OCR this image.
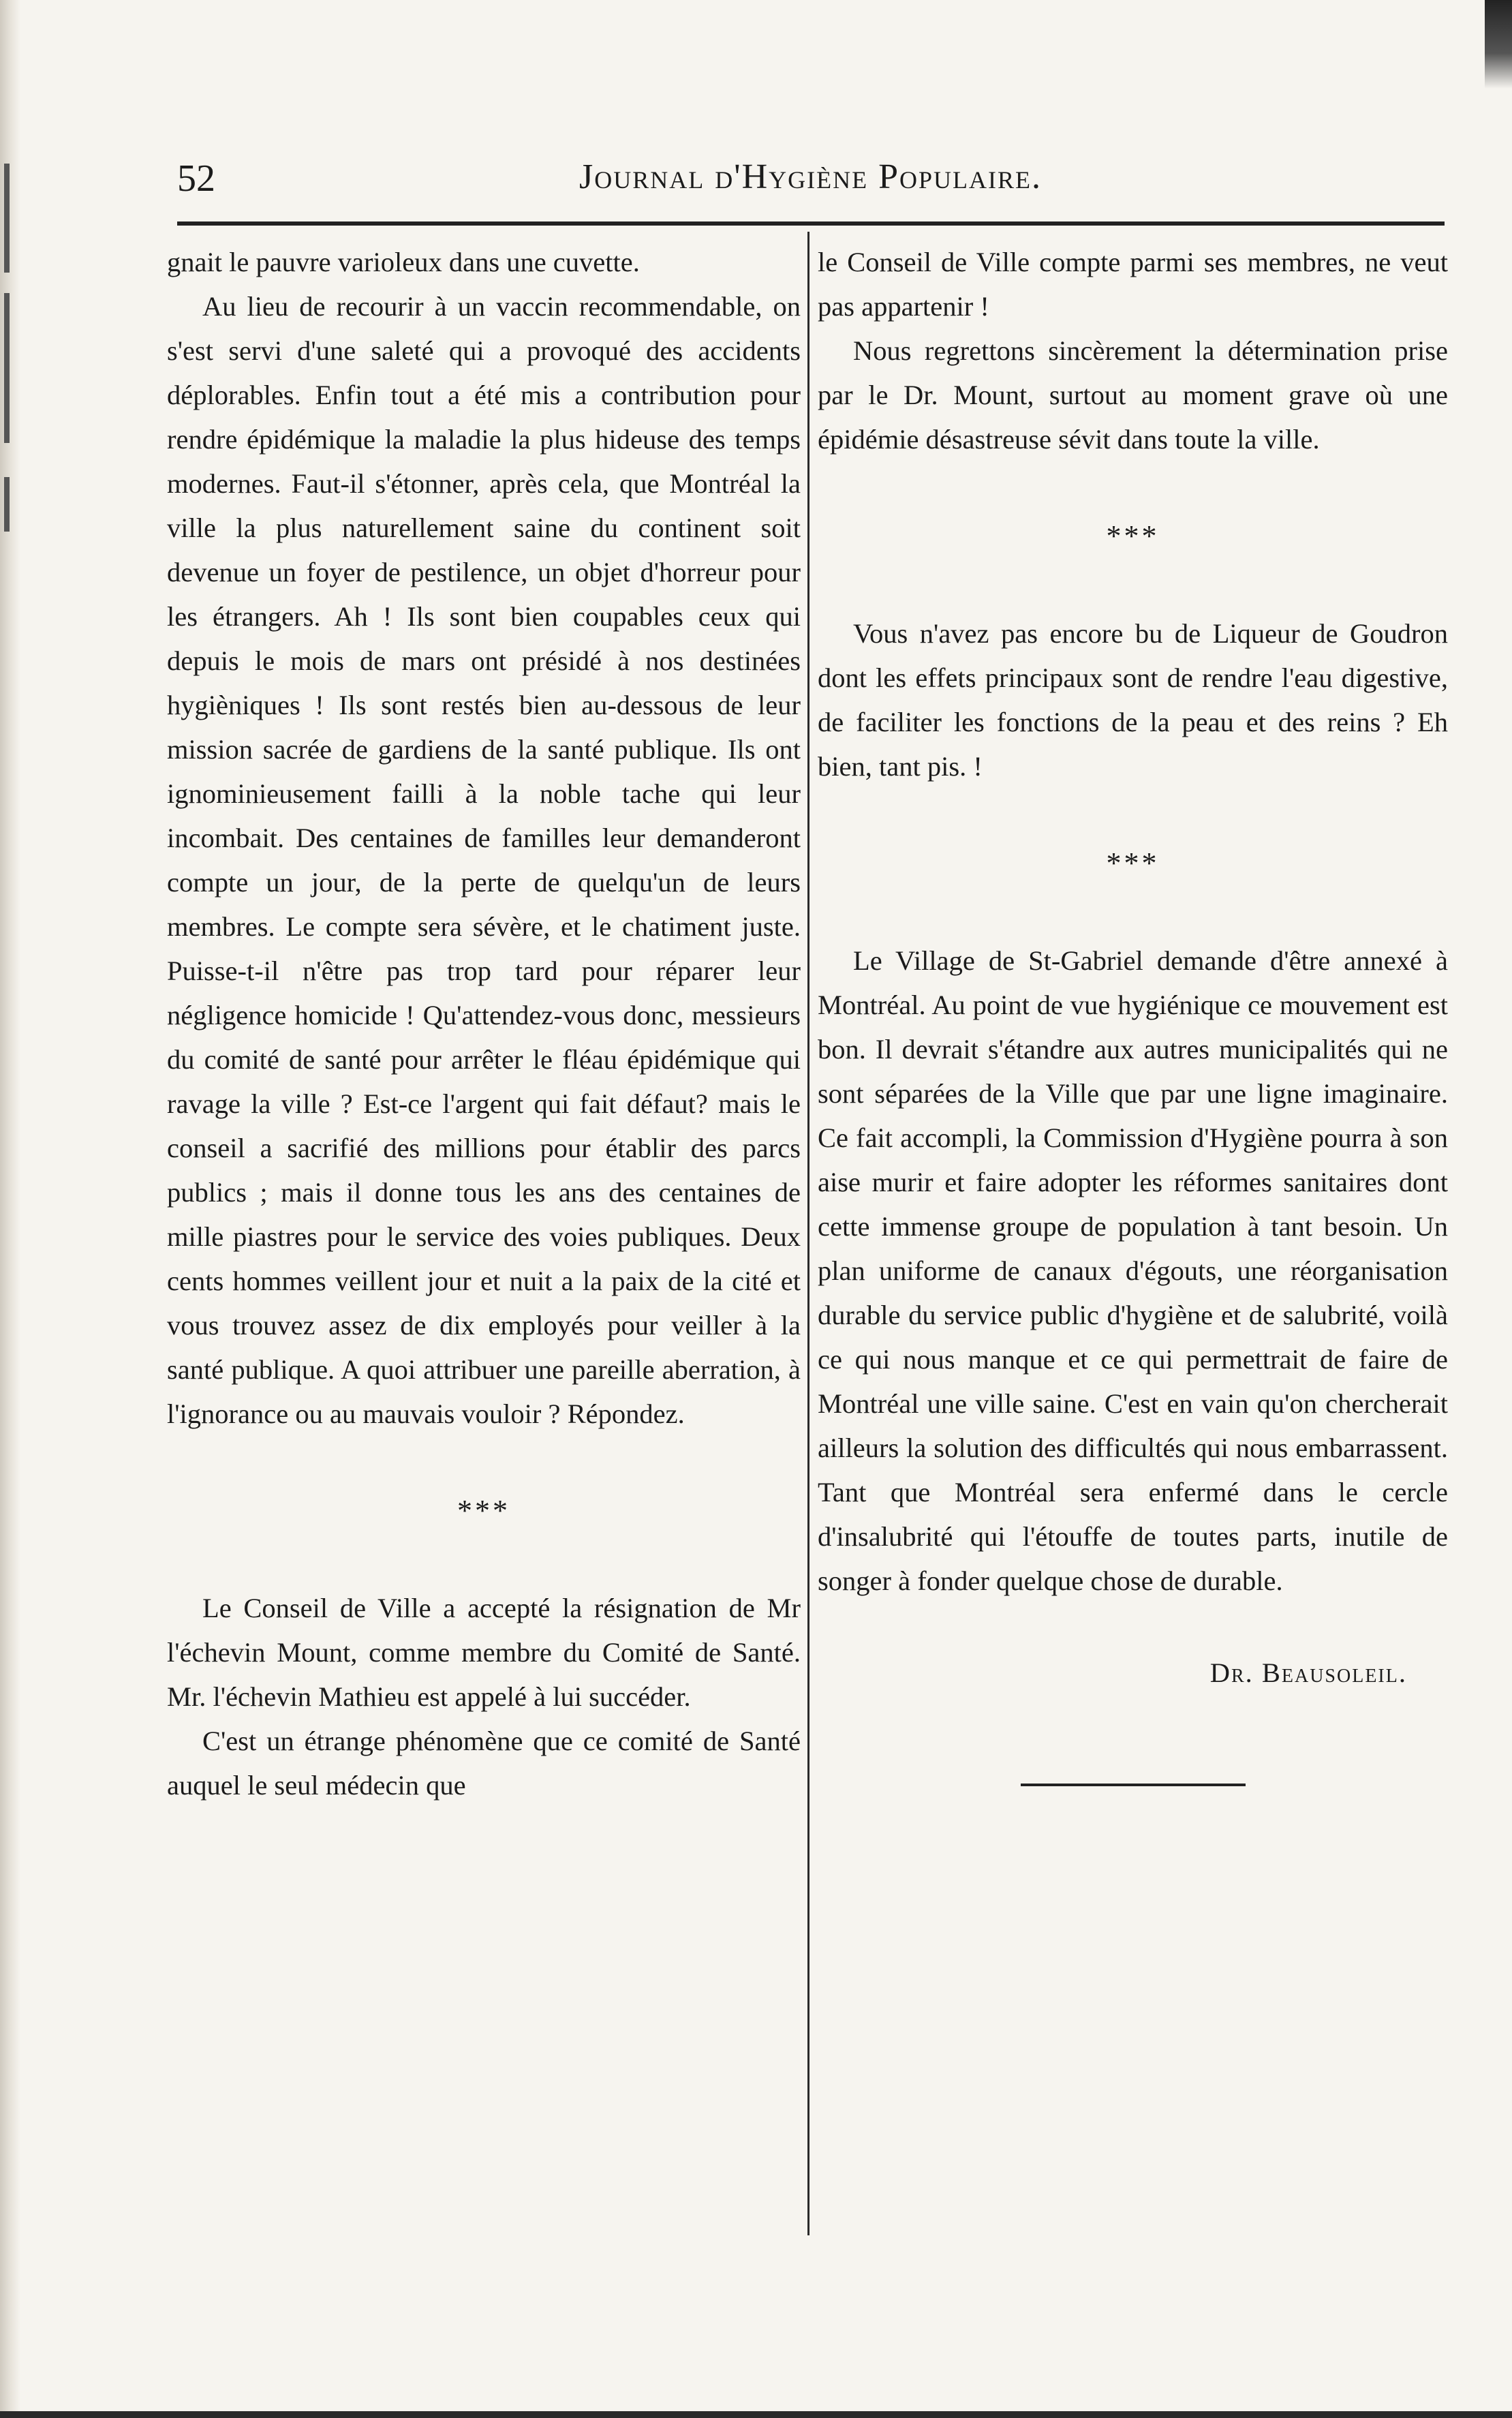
52	Journal d'Hygiène Populaire.

gnait le pauvre varioleux dans une cuvette.

Au lieu de recourir à un vaccin recommendable, on s'est servi d'une saleté qui a provoqué des accidents déplorables. Enfin tout a été mis a contribution pour rendre épidémique la maladie la plus hideuse des temps modernes. Faut-il s'étonner, après cela, que Montréal la ville la plus naturellement saine du continent soit devenue un foyer de pestilence, un objet d'horreur pour les étrangers. Ah ! Ils sont bien coupables ceux qui depuis le mois de mars ont présidé à nos destinées hygièniques ! Ils sont restés bien au-dessous de leur mission sacrée de gardiens de la santé publique. Ils ont ignominieusement failli à la noble tache qui leur incombait. Des centaines de familles leur demanderont compte un jour, de la perte de quelqu'un de leurs membres. Le compte sera sévère, et le chatiment juste. Puisse-t-il n'être pas trop tard pour réparer leur négligence homicide ! Qu'attendez-vous donc, messieurs du comité de santé pour arrêter le fléau épidémique qui ravage la ville ? Est-ce l'argent qui fait défaut? mais le conseil a sacrifié des millions pour établir des parcs publics ; mais il donne tous les ans des centaines de mille piastres pour le service des voies publiques. Deux cents hommes veillent jour et nuit a la paix de la cité et vous trouvez assez de dix employés pour veiller à la santé publique. A quoi attribuer une pareille aberration, à l'ignorance ou au mauvais vouloir ? Répondez.

***

Le Conseil de Ville a accepté la résignation de Mr l'échevin Mount, comme membre du Comité de Santé. Mr. l'échevin Mathieu est appelé à lui succéder.

C'est un étrange phénomène que ce comité de Santé auquel le seul médecin que

le Conseil de Ville compte parmi ses membres, ne veut pas appartenir !

Nous regrettons sincèrement la détermination prise par le Dr. Mount, surtout au moment grave où une épidémie désastreuse sévit dans toute la ville.

***

Vous n'avez pas encore bu de Liqueur de Goudron dont les effets principaux sont de rendre l'eau digestive, de faciliter les fonctions de la peau et des reins ? Eh bien, tant pis. !

***

Le Village de St-Gabriel demande d'être annexé à Montréal. Au point de vue hygiénique ce mouvement est bon. Il devrait s'étandre aux autres municipalités qui ne sont séparées de la Ville que par une ligne imaginaire. Ce fait accompli, la Commission d'Hygiène pourra à son aise murir et faire adopter les réformes sanitaires dont cette immense groupe de population à tant besoin. Un plan uniforme de canaux d'égouts, une réorganisation durable du service public d'hygiène et de salubrité, voilà ce qui nous manque et ce qui permettrait de faire de Montréal une ville saine. C'est en vain qu'on chercherait ailleurs la solution des difficultés qui nous embarrassent. Tant que Montréal sera enfermé dans le cercle d'insalubrité qui l'étouffe de toutes parts, inutile de songer à fonder quelque chose de durable.

Dr. Beausoleil.
